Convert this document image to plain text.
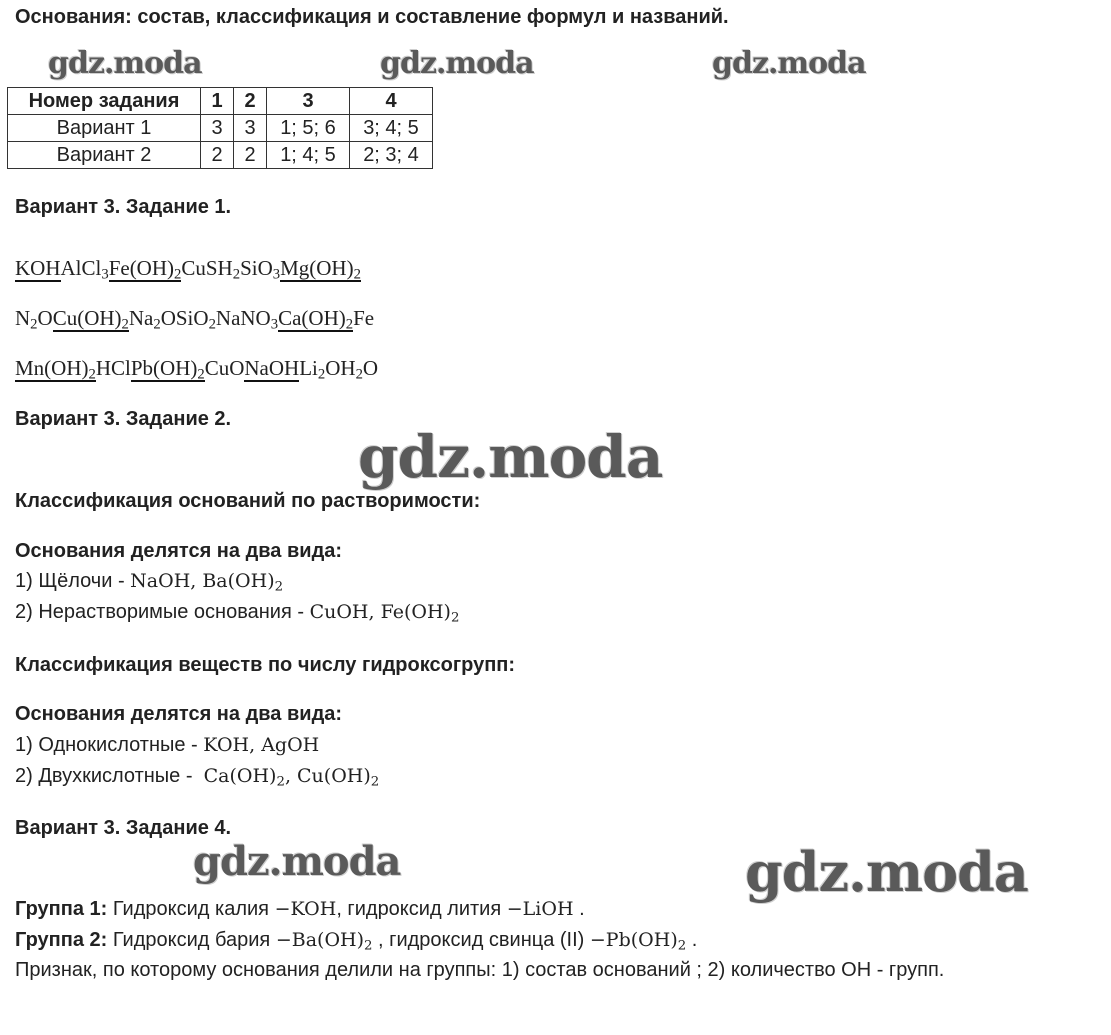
Основания: состав, классификация и составление формул и названий.
gdz.moda	gdz.moda	gdz.moda
gdz.moda
gdz.moda	gdz.moda
Номер задания	1	2	3	4
Вариант 1	3	3	1; 5; 6	3; 4; 5
Вариант 2	2	2	1; 4; 5	2; 3; 4
Вариант 3. Задание 1.
$KOHAlCl_3Fe(OH)_2CuSH_2SiO_3Mg(OH)_2$
$N_2OCu(OH)_2Na_2OSiO_2NaNO_3Ca(OH)_2Fe$
$Mn(OH)_2HClPb(OH)_2CuONaOHLi_2OH_2O$
Вариант 3. Задание 2.
Классификация оснований по растворимости:
Основания делятся на два вида:
1) Щёлочи - NaOH, $Ba(OH)_2$
2) Нерастворимые основания - CuOH, $Fe(OH)_2$
Классификация веществ по числу гидроксогрупп:
Основания делятся на два вида:
1) Однокислотные - KOH, AgOH
2) Двухкислотные - $Ca(OH)_2$, $Cu(OH)_2$
Вариант 3. Задание 4.
Группа 1: Гидроксид калия −KOH, гидроксид лития −LiOH .
Группа 2: Гидроксид бария $-Ba(OH)_2$ , гидроксид свинца $(II) -Pb(OH)_2$ .
Признак, по которому основания делили на группы: 1) состав оснований ; 2) количество OH - групп.
